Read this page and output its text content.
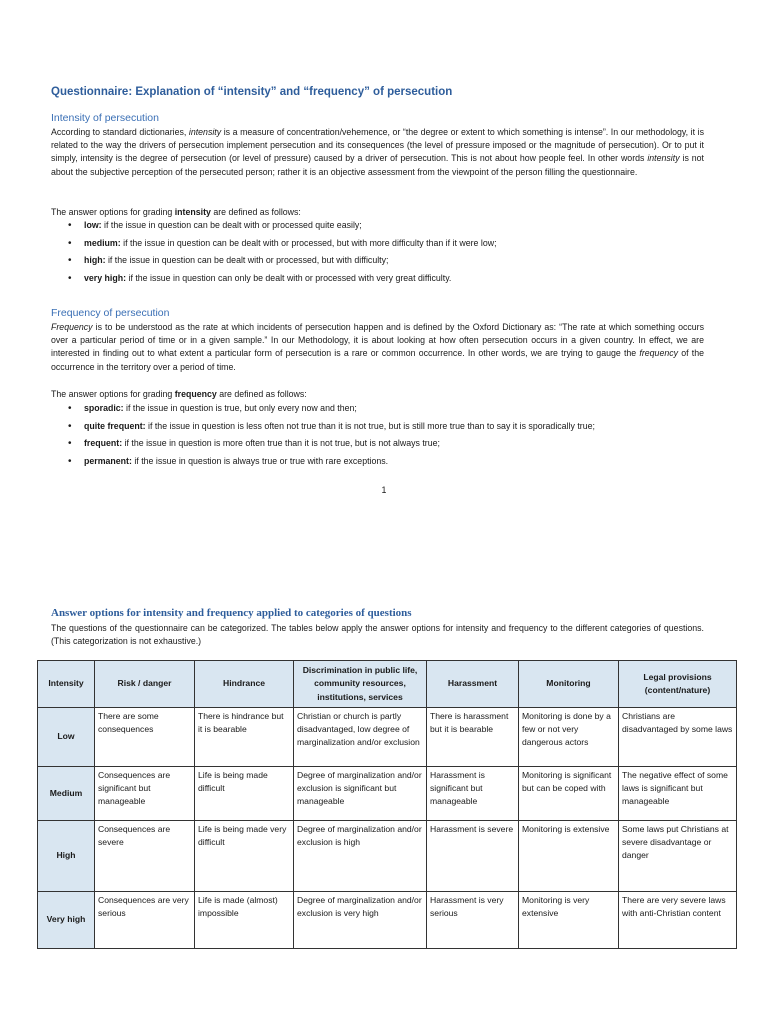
Questionnaire: Explanation of “intensity” and “frequency” of persecution
Intensity of persecution
According to standard dictionaries, intensity is a measure of concentration/vehemence, or “the degree or extent to which something is intense”. In our methodology, it is related to the way the drivers of persecution implement persecution and its consequences (the level of pressure imposed or the magnitude of persecution). Or to put it simply, intensity is the degree of persecution (or level of pressure) caused by a driver of persecution. This is not about how people feel. In other words intensity is not about the subjective perception of the persecuted person; rather it is an objective assessment from the viewpoint of the person filling the questionnaire.
The answer options for grading intensity are defined as follows:
• low: if the issue in question can be dealt with or processed quite easily;
• medium: if the issue in question can be dealt with or processed, but with more difficulty than if it were low;
• high: if the issue in question can be dealt with or processed, but with difficulty;
• very high: if the issue in question can only be dealt with or processed with very great difficulty.
Frequency of persecution
Frequency is to be understood as the rate at which incidents of persecution happen and is defined by the Oxford Dictionary as: “The rate at which something occurs over a particular period of time or in a given sample.” In our Methodology, it is about looking at how often persecution occurs in a given country. In effect, we are interested in finding out to what extent a particular form of persecution is a rare or common occurrence. In other words, we are trying to gauge the frequency of the occurrence in the territory over a period of time.
The answer options for grading frequency are defined as follows:
• sporadic: if the issue in question is true, but only every now and then;
• quite frequent: if the issue in question is less often not true than it is not true, but is still more true than to say it is sporadically true;
• frequent: if the issue in question is more often true than it is not true, but is not always true;
• permanent: if the issue in question is always true or true with rare exceptions.
1
Answer options for intensity and frequency applied to categories of questions
The questions of the questionnaire can be categorized. The tables below apply the answer options for intensity and frequency to the different categories of questions. (This categorization is not exhaustive.)
Intensity	Risk / danger	Hindrance	Discrimination in public life, community resources, institutions, services	Harassment	Monitoring	Legal provisions (content/nature)
Low	There are some consequences	There is hindrance but it is bearable	Christian or church is partly disadvantaged, low degree of marginalization and/or exclusion	There is harassment but it is bearable	Monitoring is done by a few or not very dangerous actors	Christians are disadvantaged by some laws
Medium	Consequences are significant but manageable	Life is being made difficult	Degree of marginalization and/or exclusion is significant but manageable	Harassment is significant but manageable	Monitoring is significant but can be coped with	The negative effect of some laws is significant but manageable
High	Consequences are severe	Life is being made very difficult	Degree of marginalization and/or exclusion is high	Harassment is severe	Monitoring is extensive	Some laws put Christians at severe disadvantage or danger
Very high	Consequences are very serious	Life is made (almost) impossible	Degree of marginalization and/or exclusion is very high	Harassment is very serious	Monitoring is very extensive	There are very severe laws with anti-Christian content
